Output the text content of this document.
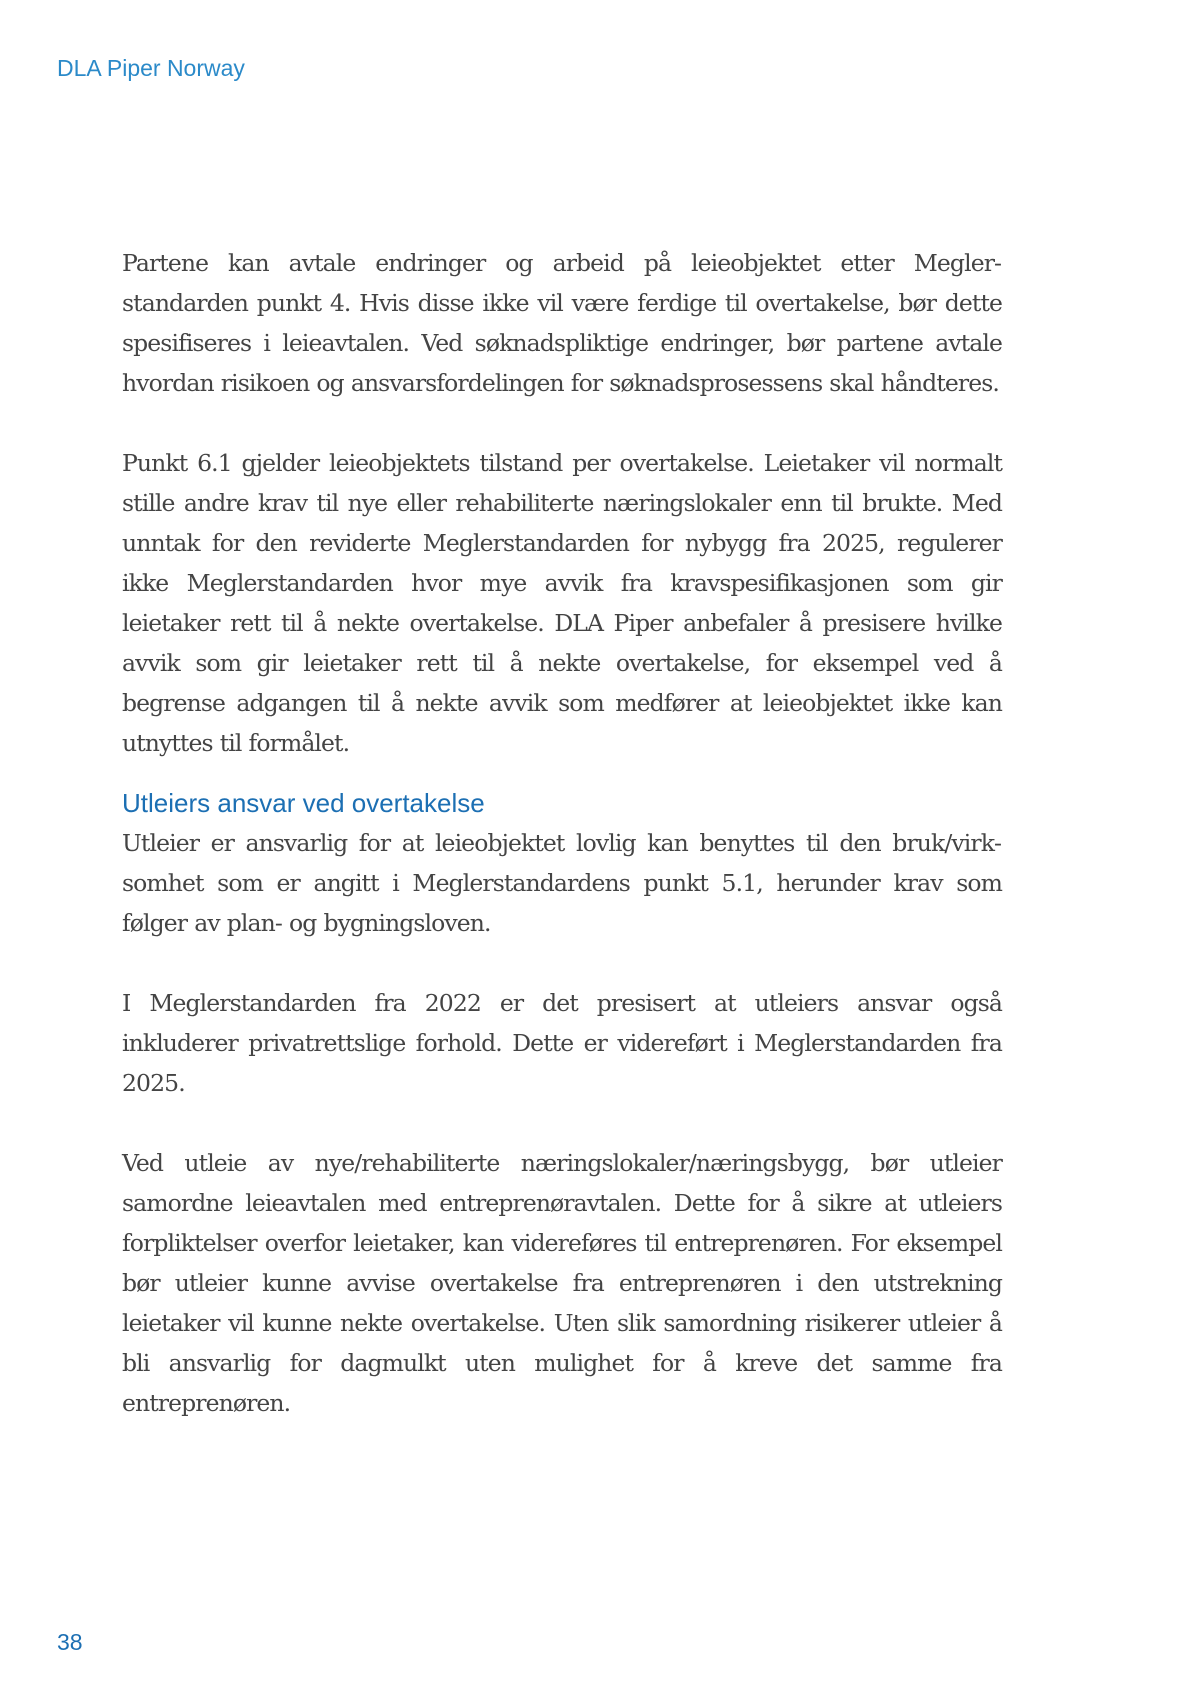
DLA Piper Norway

Partene kan avtale endringer og arbeid på leieobjektet etter Meglerstandarden punkt 4. Hvis disse ikke vil være ferdige til overtakelse, bør dette spesifiseres i leieavtalen. Ved søknadspliktige endringer, bør partene avtale hvordan risikoen og ansvarsfordelingen for søknadsprosessens skal håndteres.

Punkt 6.1 gjelder leieobjektets tilstand per overtakelse. Leietaker vil normalt stille andre krav til nye eller rehabiliterte næringslokaler enn til brukte. Med unntak for den reviderte Meglerstandarden for nybygg fra 2025, regulerer ikke Meglerstandarden hvor mye avvik fra kravspesifikasjonen som gir leietaker rett til å nekte overtakelse. DLA Piper anbefaler å presisere hvilke avvik som gir leietaker rett til å nekte overtakelse, for eksempel ved å begrense adgangen til å nekte avvik som medfører at leieobjektet ikke kan utnyttes til formålet.

Utleiers ansvar ved overtakelse

Utleier er ansvarlig for at leieobjektet lovlig kan benyttes til den bruk/virksomhet som er angitt i Meglerstandardens punkt 5.1, herunder krav som følger av plan- og bygningsloven.

I Meglerstandarden fra 2022 er det presisert at utleiers ansvar også inkluderer privatrettslige forhold. Dette er videreført i Meglerstandarden fra 2025.

Ved utleie av nye/rehabiliterte næringslokaler/næringsbygg, bør utleier samordne leieavtalen med entreprenøravtalen. Dette for å sikre at utleiers forpliktelser overfor leietaker, kan videreføres til entreprenøren. For eksempel bør utleier kunne avvise overtakelse fra entreprenøren i den utstrekning leietaker vil kunne nekte overtakelse. Uten slik samordning risikerer utleier å bli ansvarlig for dagmulkt uten mulighet for å kreve det samme fra entreprenøren.

38
